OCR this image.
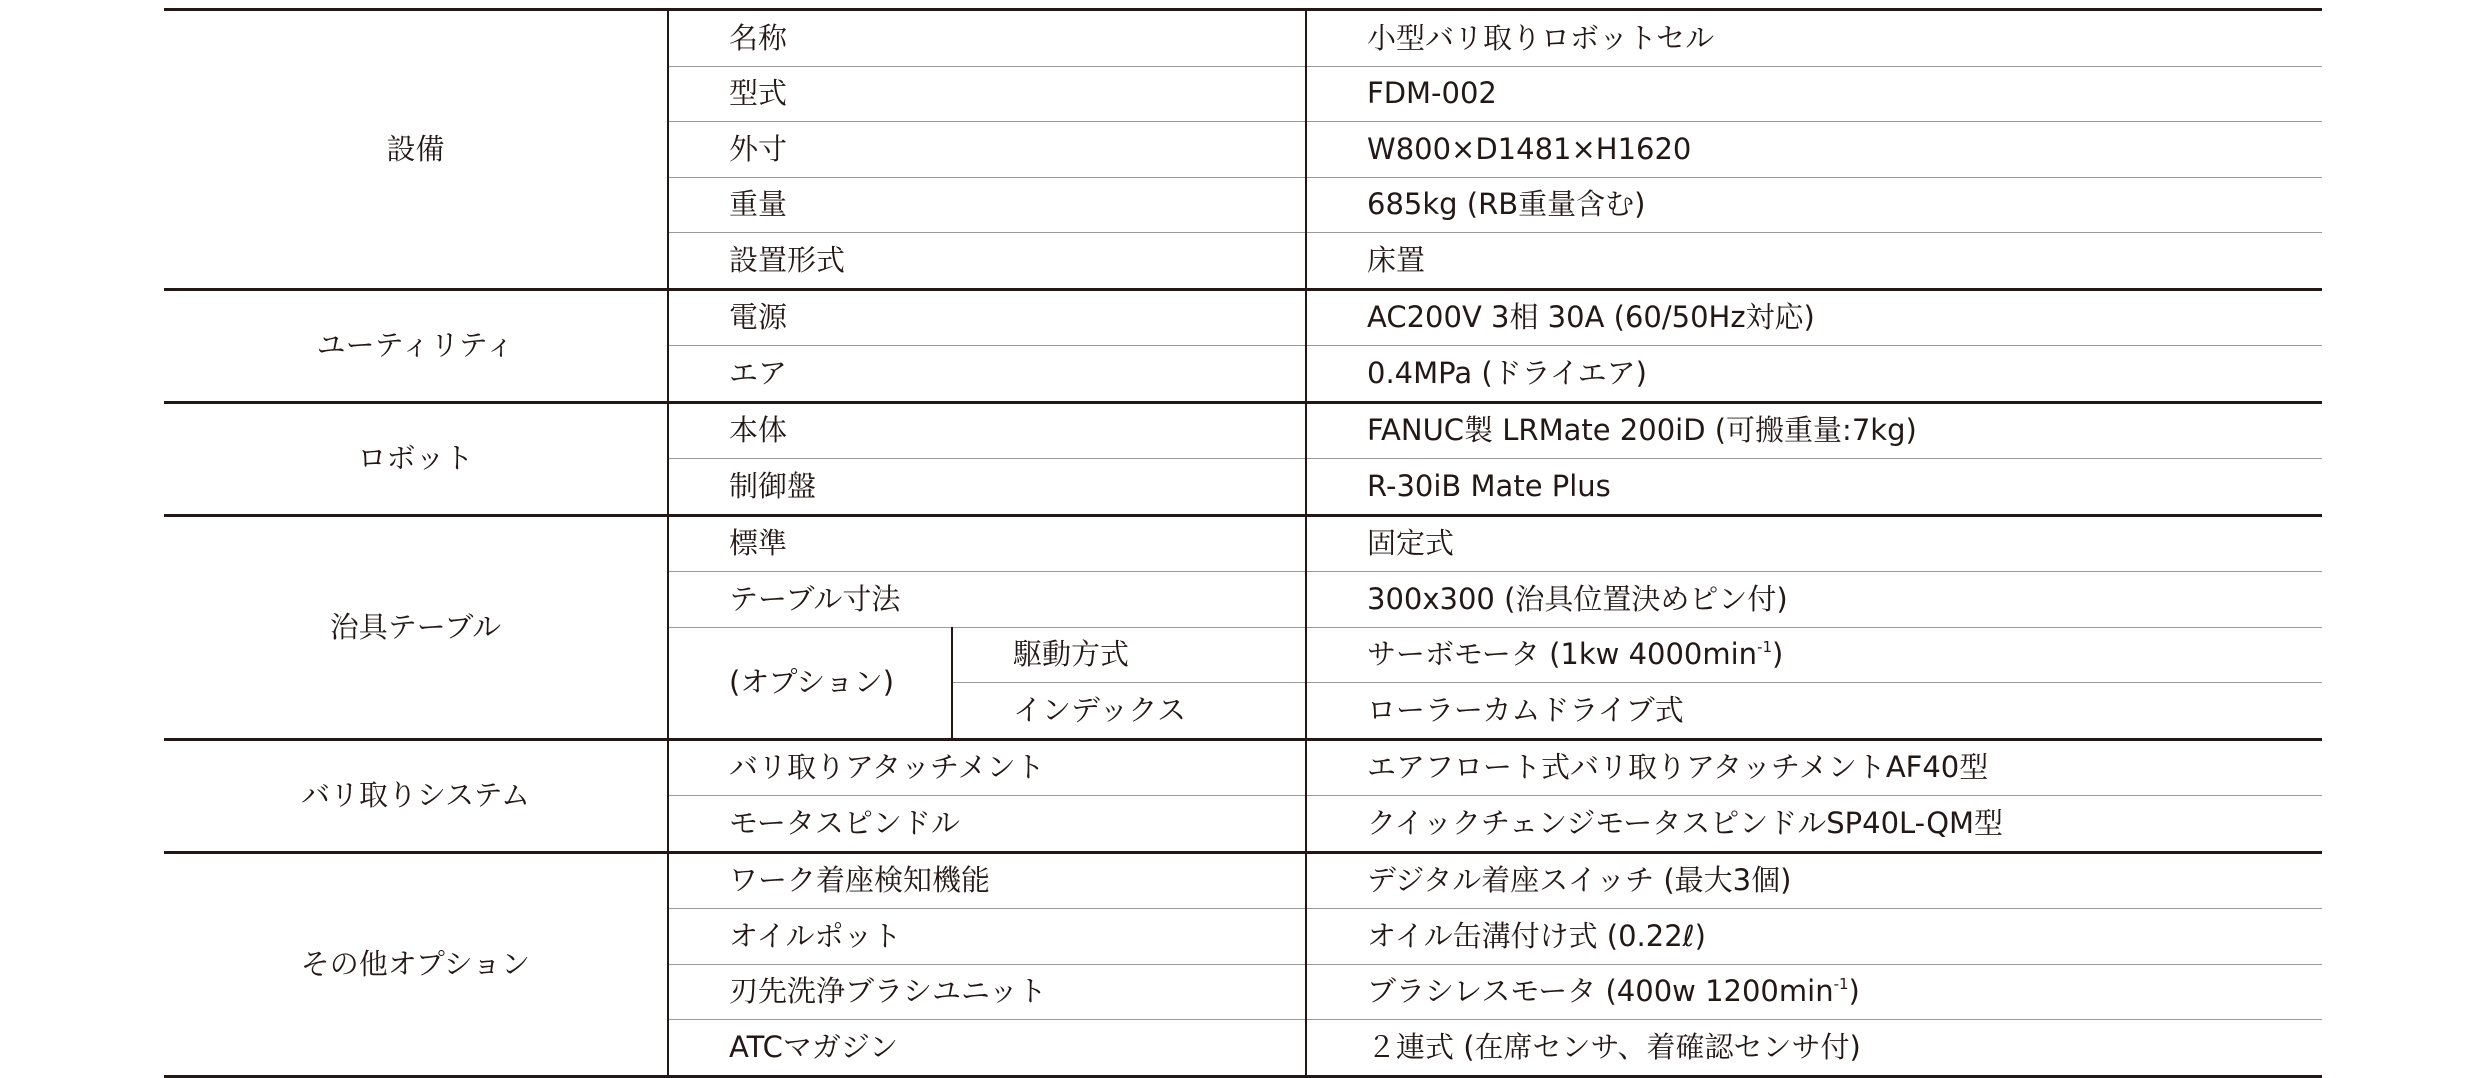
設備	名称		小型バリ取りロボットセル
	型式		FDM-002
	外寸		W800×D1481×H1620
	重量		685kg (RB重量含む)
	設置形式		床置
ユーティリティ	電源		AC200V 3相 30A (60/50Hz対応)
	エア		0.4MPa (ドライエア)
ロボット	本体		FANUC製 LRMate 200iD (可搬重量:7kg)
	制御盤		R-30iB Mate Plus
治具テーブル	標準		固定式
	テーブル寸法		300x300 (治具位置決めピン付)
	(オプション)	駆動方式	サーボモータ (1kw $4000\min^{-1}$)
		インデックス	ローラーカムドライブ式
バリ取りシステム	バリ取りアタッチメント		エアフロート式バリ取りアタッチメントAF40型
	モータスピンドル		クイックチェンジモータスピンドルSP40L-QM型
その他オプション	ワーク着座検知機能		デジタル着座スイッチ (最大3個)
	オイルポット		オイル缶溝付け式 (0.22ℓ)
	刃先洗浄ブラシユニット		ブラシレスモータ (400w $1200\min^{-1}$)
	ATCマガジン		２連式 (在席センサ、着確認センサ付)
